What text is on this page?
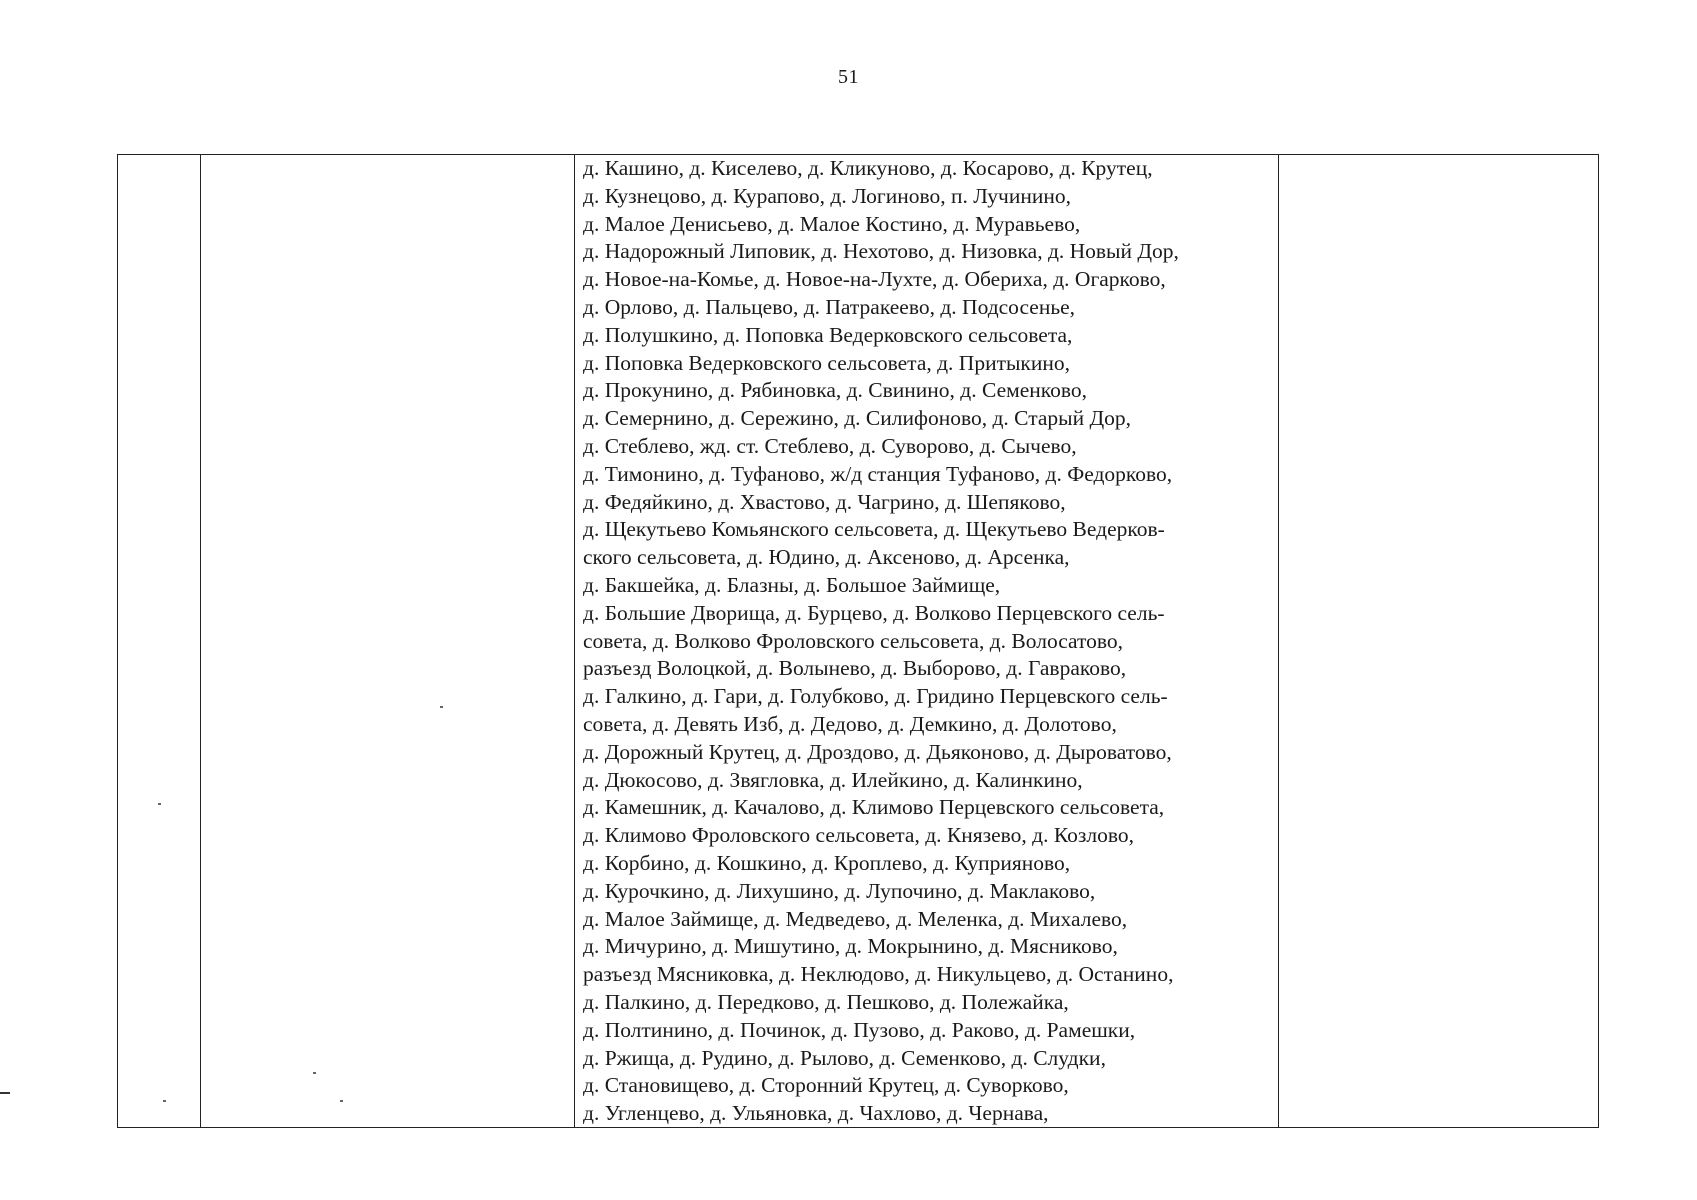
51
д. Кашино, д. Киселево, д. Кликуново, д. Косарово, д. Крутец,
д. Кузнецово, д. Курапово, д. Логиново, п. Лучинино,
д. Малое Денисьево, д. Малое Костино, д. Муравьево,
д. Надорожный Липовик, д. Нехотово, д. Низовка, д. Новый Дор,
д. Новое-на-Комье, д. Новое-на-Лухте, д. Обериха, д. Огарково,
д. Орлово, д. Пальцево, д. Патракеево, д. Подсосенье,
д. Полушкино, д. Поповка Ведерковского сельсовета,
д. Поповка Ведерковского сельсовета, д. Притыкино,
д. Прокунино, д. Рябиновка, д. Свинино, д. Семенково,
д. Семернино, д. Сережино, д. Силифоново, д. Старый Дор,
д. Стеблево, жд. ст. Стеблево, д. Суворово, д. Сычево,
д. Тимонино, д. Туфаново, ж/д станция Туфаново, д. Федорково,
д. Федяйкино, д. Хвастово, д. Чагрино, д. Шепяково,
д. Щекутьево Комьянского сельсовета, д. Щекутьево Ведерков-
ского сельсовета, д. Юдино, д. Аксеново, д. Арсенка,
д. Бакшейка, д. Блазны, д. Большое Займище,
д. Большие Дворища, д. Бурцево, д. Волково Перцевского сель-
совета, д. Волково Фроловского сельсовета, д. Волосатово,
разъезд Волоцкой, д. Волынево, д. Выборово, д. Гавраково,
д. Галкино, д. Гари, д. Голубково, д. Гридино Перцевского сель-
совета, д. Девять Изб, д. Дедово, д. Демкино, д. Долотово,
д. Дорожный Крутец, д. Дроздово, д. Дьяконово, д. Дыроватово,
д. Дюкосово, д. Звягловка, д. Илейкино, д. Калинкино,
д. Камешник, д. Качалово, д. Климово Перцевского сельсовета,
д. Климово Фроловского сельсовета, д. Князево, д. Козлово,
д. Корбино, д. Кошкино, д. Кроплево, д. Куприяново,
д. Курочкино, д. Лихушино, д. Лупочино, д. Маклаково,
д. Малое Займище, д. Медведево, д. Меленка, д. Михалево,
д. Мичурино, д. Мишутино, д. Мокрынино, д. Мясниково,
разъезд Мясниковка, д. Неклюдово, д. Никульцево, д. Останино,
д. Палкино, д. Передково, д. Пешково, д. Полежайка,
д. Полтинино, д. Починок, д. Пузово, д. Раково, д. Рамешки,
д. Ржища, д. Рудино, д. Рылово, д. Семенково, д. Слудки,
д. Становищево, д. Сторонний Крутец, д. Суворково,
д. Угленцево, д. Ульяновка, д. Чахлово, д. Чернава,
